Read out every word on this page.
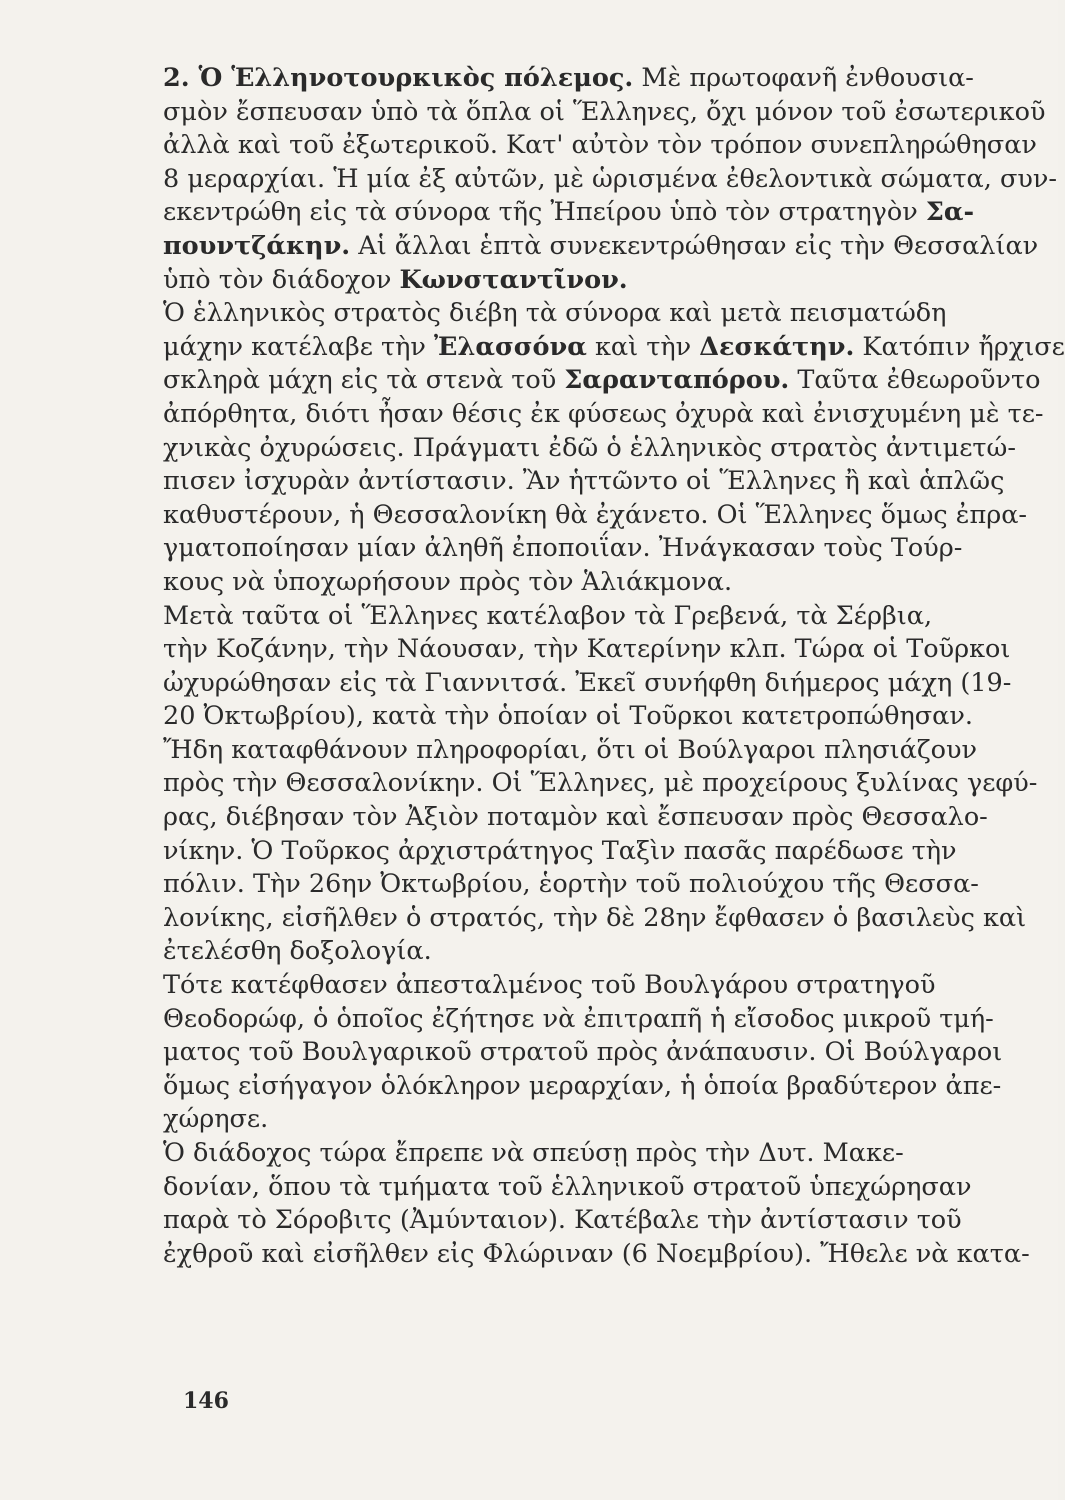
2. Ὁ Ἑλληνοτουρκικὸς πόλεμος. Μὲ πρωτοφανῆ ἐνθουσια-
σμὸν ἔσπευσαν ὑπὸ τὰ ὅπλα οἱ Ἕλληνες, ὄχι μόνον τοῦ ἐσωτερικοῦ
ἀλλὰ καὶ τοῦ ἐξωτερικοῦ. Κατ' αὐτὸν τὸν τρόπον συνεπληρώθησαν
8 μεραρχίαι. Ἡ μία ἐξ αὐτῶν, μὲ ὡρισμένα ἐθελοντικὰ σώματα, συν-
εκεντρώθη εἰς τὰ σύνορα τῆς Ἠπείρου ὑπὸ τὸν στρατηγὸν Σα-
πουντζάκην. Αἱ ἄλλαι ἑπτὰ συνεκεντρώθησαν εἰς τὴν Θεσσαλίαν
ὑπὸ τὸν διάδοχον Κωνσταντῖνον.
Ὁ ἑλληνικὸς στρατὸς διέβη τὰ σύνορα καὶ μετὰ πεισματώδη
μάχην κατέλαβε τὴν Ἐλασσόνα καὶ τὴν Δεσκάτην. Κατόπιν ἤρχισε
σκληρὰ μάχη εἰς τὰ στενὰ τοῦ Σαρανταπόρου. Ταῦτα ἐθεωροῦντο
ἀπόρθητα, διότι ἦσαν θέσις ἐκ φύσεως ὀχυρὰ καὶ ἐνισχυμένη μὲ τε-
χνικὰς ὀχυρώσεις. Πράγματι ἐδῶ ὁ ἑλληνικὸς στρατὸς ἀντιμετώ-
πισεν ἰσχυρὰν ἀντίστασιν. Ἂν ἡττῶντο οἱ Ἕλληνες ἢ καὶ ἁπλῶς
καθυστέρουν, ἡ Θεσσαλονίκη θὰ ἐχάνετο. Οἱ Ἕλληνες ὅμως ἐπρα-
γματοποίησαν μίαν ἀληθῆ ἐποποιΐαν. Ἠνάγκασαν τοὺς Τούρ-
κους νὰ ὑποχωρήσουν πρὸς τὸν Ἁλιάκμονα.
Μετὰ ταῦτα οἱ Ἕλληνες κατέλαβον τὰ Γρεβενά, τὰ Σέρβια,
τὴν Κοζάνην, τὴν Νάουσαν, τὴν Κατερίνην κλπ. Τώρα οἱ Τοῦρκοι
ὠχυρώθησαν εἰς τὰ Γιαννιτσά. Ἐκεῖ συνήφθη διήμερος μάχη (19-
20 Ὀκτωβρίου), κατὰ τὴν ὁποίαν οἱ Τοῦρκοι κατετροπώθησαν.
Ἤδη καταφθάνουν πληροφορίαι, ὅτι οἱ Βούλγαροι πλησιάζουν
πρὸς τὴν Θεσσαλονίκην. Οἱ Ἕλληνες, μὲ προχείρους ξυλίνας γεφύ-
ρας, διέβησαν τὸν Ἀξιὸν ποταμὸν καὶ ἔσπευσαν πρὸς Θεσσαλο-
νίκην. Ὁ Τοῦρκος ἀρχιστράτηγος Ταξὶν πασᾶς παρέδωσε τὴν
πόλιν. Τὴν 26ην Ὀκτωβρίου, ἑορτὴν τοῦ πολιούχου τῆς Θεσσα-
λονίκης, εἰσῆλθεν ὁ στρατός, τὴν δὲ 28ην ἔφθασεν ὁ βασιλεὺς καὶ
ἐτελέσθη δοξολογία.
Τότε κατέφθασεν ἀπεσταλμένος τοῦ Βουλγάρου στρατηγοῦ
Θεοδορώφ, ὁ ὁποῖος ἐζήτησε νὰ ἐπιτραπῆ ἡ εἴσοδος μικροῦ τμή-
ματος τοῦ Βουλγαρικοῦ στρατοῦ πρὸς ἀνάπαυσιν. Οἱ Βούλγαροι
ὅμως εἰσήγαγον ὁλόκληρον μεραρχίαν, ἡ ὁποία βραδύτερον ἀπε-
χώρησε.
Ὁ διάδοχος τώρα ἔπρεπε νὰ σπεύσῃ πρὸς τὴν Δυτ. Μακε-
δονίαν, ὅπου τὰ τμήματα τοῦ ἑλληνικοῦ στρατοῦ ὑπεχώρησαν
παρὰ τὸ Σόροβιτς (Ἀμύνταιον). Κατέβαλε τὴν ἀντίστασιν τοῦ
ἐχθροῦ καὶ εἰσῆλθεν εἰς Φλώριναν (6 Νοεμβρίου). Ἤθελε νὰ κατα-
146
